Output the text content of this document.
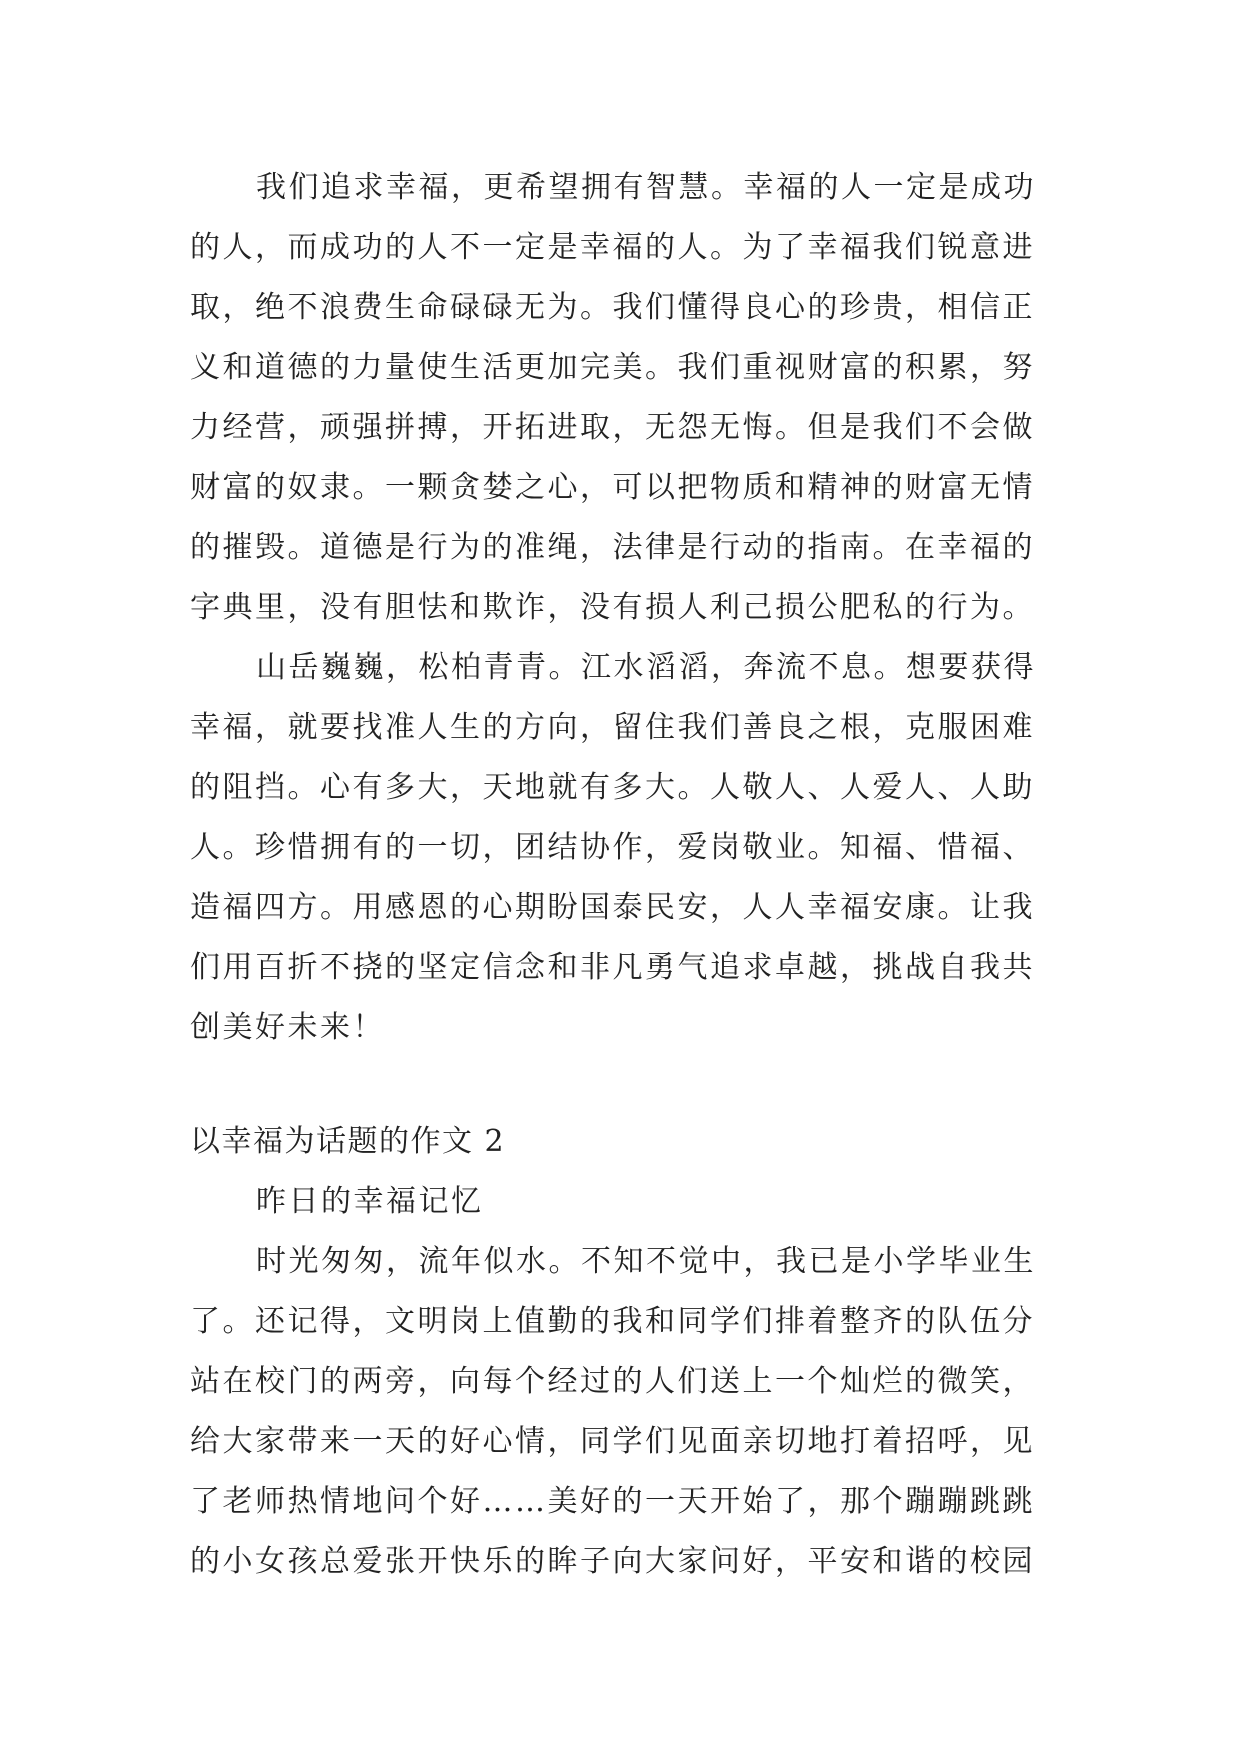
我们追求幸福，更希望拥有智慧。幸福的人一定是成功
的人，而成功的人不一定是幸福的人。为了幸福我们锐意进
取，绝不浪费生命碌碌无为。我们懂得良心的珍贵，相信正
义和道德的力量使生活更加完美。我们重视财富的积累，努
力经营，顽强拼搏，开拓进取，无怨无悔。但是我们不会做
财富的奴隶。一颗贪婪之心，可以把物质和精神的财富无情
的摧毁。道德是行为的准绳，法律是行动的指南。在幸福的
字典里，没有胆怯和欺诈，没有损人利己损公肥私的行为。

山岳巍巍，松柏青青。江水滔滔，奔流不息。想要获得
幸福，就要找准人生的方向，留住我们善良之根，克服困难
的阻挡。心有多大，天地就有多大。人敬人、人爱人、人助
人。珍惜拥有的一切，团结协作，爱岗敬业。知福、惜福、
造福四方。用感恩的心期盼国泰民安，人人幸福安康。让我
们用百折不挠的坚定信念和非凡勇气追求卓越，挑战自我共
创美好未来！

以幸福为话题的作文 2

昨日的幸福记忆

时光匆匆，流年似水。不知不觉中，我已是小学毕业生
了。还记得，文明岗上值勤的我和同学们排着整齐的队伍分
站在校门的两旁，向每个经过的人们送上一个灿烂的微笑，
给大家带来一天的好心情，同学们见面亲切地打着招呼，见
了老师热情地问个好……美好的一天开始了，那个蹦蹦跳跳
的小女孩总爱张开快乐的眸子向大家问好，平安和谐的校园
